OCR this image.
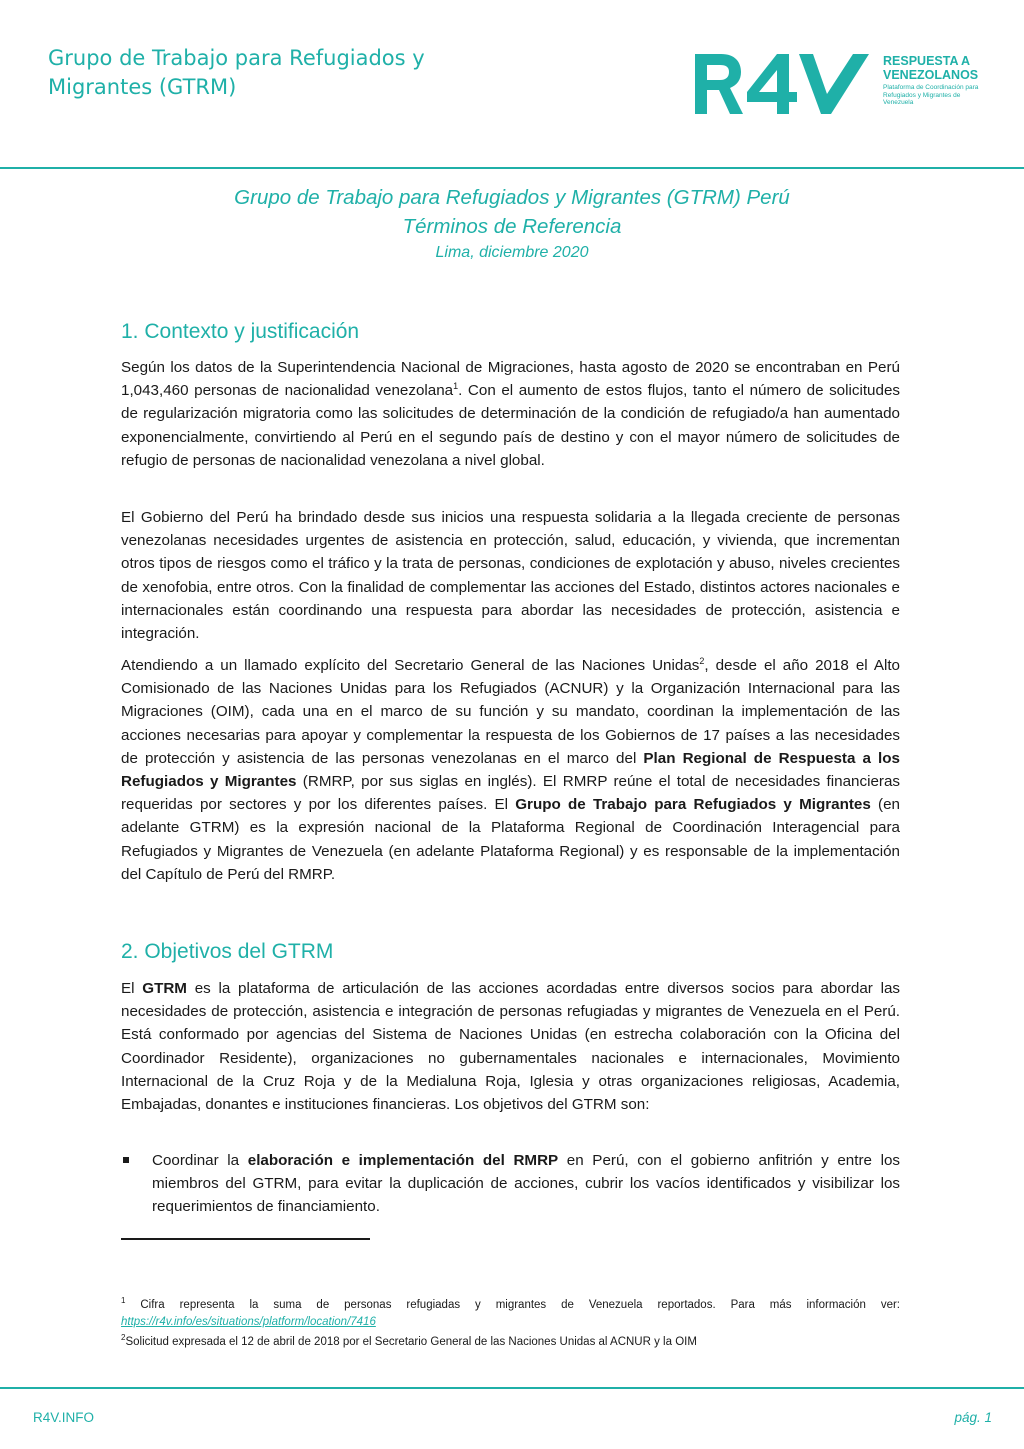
Grupo de Trabajo para Refugiados y
Migrantes (GTRM)
RESPUESTA A
VENEZOLANOS
Plataforma de Coordinación para Refugiados y Migrantes de Venezuela
Grupo de Trabajo para Refugiados y Migrantes (GTRM) Perú
Términos de Referencia
Lima, diciembre 2020
1. Contexto y justificación

Según los datos de la Superintendencia Nacional de Migraciones, hasta agosto de 2020 se encontraban en Perú 1,043,460 personas de nacionalidad venezolana$^1$. Con el aumento de estos flujos, tanto el número de solicitudes de regularización migratoria como las solicitudes de determinación de la condición de refugiado/a han aumentado exponencialmente, convirtiendo al Perú en el segundo país de destino y con el mayor número de solicitudes de refugio de personas de nacionalidad venezolana a nivel global.

El Gobierno del Perú ha brindado desde sus inicios una respuesta solidaria a la llegada creciente de personas venezolanas necesidades urgentes de asistencia en protección, salud, educación, y vivienda, que incrementan otros tipos de riesgos como el tráfico y la trata de personas, condiciones de explotación y abuso, niveles crecientes de xenofobia, entre otros. Con la finalidad de complementar las acciones del Estado, distintos actores nacionales e internacionales están coordinando una respuesta para abordar las necesidades de protección, asistencia e integración.

Atendiendo a un llamado explícito del Secretario General de las Naciones Unidas$^2$, desde el año 2018 el Alto Comisionado de las Naciones Unidas para los Refugiados (ACNUR) y la Organización Internacional para las Migraciones (OIM), cada una en el marco de su función y su mandato, coordinan la implementación de las acciones necesarias para apoyar y complementar la respuesta de los Gobiernos de 17 países a las necesidades de protección y asistencia de las personas venezolanas en el marco del Plan Regional de Respuesta a los Refugiados y Migrantes (RMRP, por sus siglas en inglés). El RMRP reúne el total de necesidades financieras requeridas por sectores y por los diferentes países. El Grupo de Trabajo para Refugiados y Migrantes (en adelante GTRM) es la expresión nacional de la Plataforma Regional de Coordinación Interagencial para Refugiados y Migrantes de Venezuela (en adelante Plataforma Regional) y es responsable de la implementación del Capítulo de Perú del RMRP.

2. Objetivos del GTRM

El GTRM es la plataforma de articulación de las acciones acordadas entre diversos socios para abordar las necesidades de protección, asistencia e integración de personas refugiadas y migrantes de Venezuela en el Perú. Está conformado por agencias del Sistema de Naciones Unidas (en estrecha colaboración con la Oficina del Coordinador Residente), organizaciones no gubernamentales nacionales e internacionales, Movimiento Internacional de la Cruz Roja y de la Medialuna Roja, Iglesia y otras organizaciones religiosas, Academia, Embajadas, donantes e instituciones financieras. Los objetivos del GTRM son:

Coordinar la elaboración e implementación del RMRP en Perú, con el gobierno anfitrión y entre los miembros del GTRM, para evitar la duplicación de acciones, cubrir los vacíos identificados y visibilizar los requerimientos de financiamiento.

$^1$ Cifra representa la suma de personas refugiadas y migrantes de Venezuela reportados. Para más información ver: https://r4v.info/es/situations/platform/location/7416

$^2$Solicitud expresada el 12 de abril de 2018 por el Secretario General de las Naciones Unidas al ACNUR y la OIM

R4V.INFO	pág. 1
